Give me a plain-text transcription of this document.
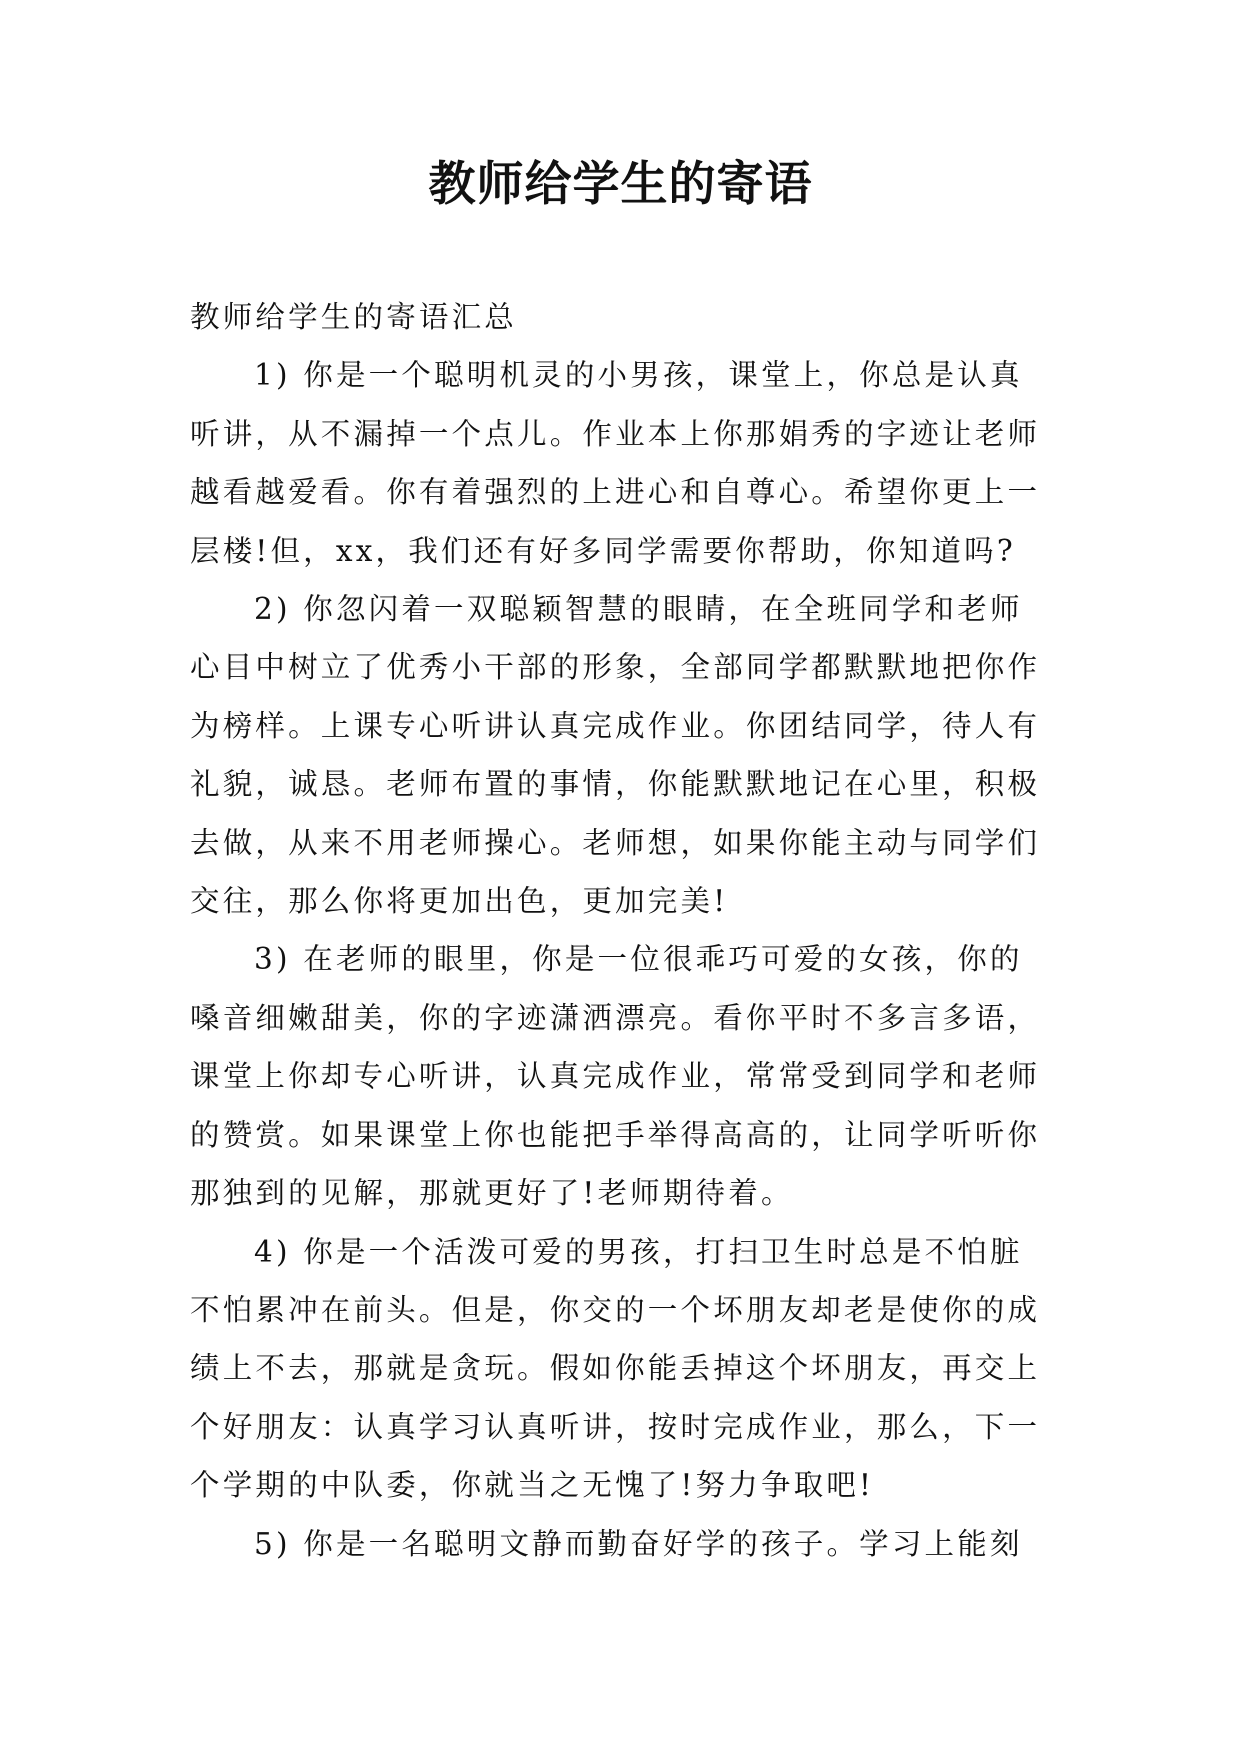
教师给学生的寄语

教师给学生的寄语汇总

1) 你是一个聪明机灵的小男孩，课堂上，你总是认真
听讲，从不漏掉一个点儿。作业本上你那娟秀的字迹让老师
越看越爱看。你有着强烈的上进心和自尊心。希望你更上一
层楼!但，xx，我们还有好多同学需要你帮助，你知道吗?

2) 你忽闪着一双聪颖智慧的眼睛，在全班同学和老师
心目中树立了优秀小干部的形象，全部同学都默默地把你作
为榜样。上课专心听讲认真完成作业。你团结同学，待人有
礼貌，诚恳。老师布置的事情，你能默默地记在心里，积极
去做，从来不用老师操心。老师想，如果你能主动与同学们
交往，那么你将更加出色，更加完美!

3) 在老师的眼里，你是一位很乖巧可爱的女孩，你的
嗓音细嫩甜美，你的字迹潇洒漂亮。看你平时不多言多语，
课堂上你却专心听讲，认真完成作业，常常受到同学和老师
的赞赏。如果课堂上你也能把手举得高高的，让同学听听你
那独到的见解，那就更好了!老师期待着。

4) 你是一个活泼可爱的男孩，打扫卫生时总是不怕脏
不怕累冲在前头。但是，你交的一个坏朋友却老是使你的成
绩上不去，那就是贪玩。假如你能丢掉这个坏朋友，再交上
个好朋友：认真学习认真听讲，按时完成作业，那么，下一
个学期的中队委，你就当之无愧了!努力争取吧!

5) 你是一名聪明文静而勤奋好学的孩子。学习上能刻
